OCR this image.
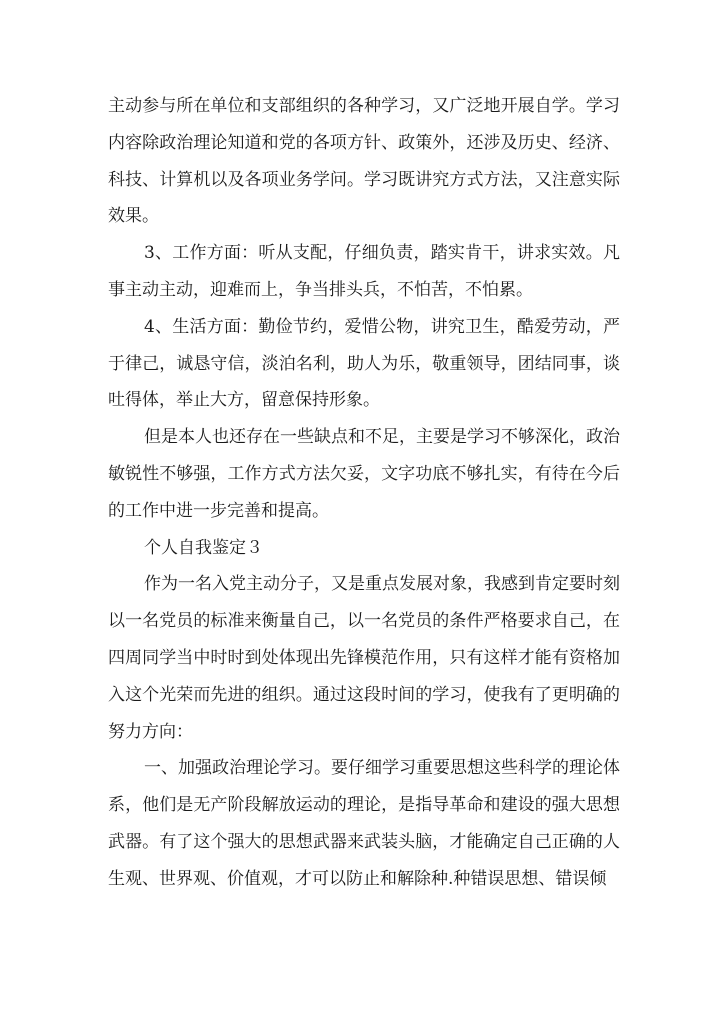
主动参与所在单位和支部组织的各种学习，又广泛地开展自学。学习内容除政治理论知道和党的各项方针、政策外，还涉及历史、经济、科技、计算机以及各项业务学问。学习既讲究方式方法，又注意实际效果。

3、工作方面：听从支配，仔细负责，踏实肯干，讲求实效。凡事主动主动，迎难而上，争当排头兵，不怕苦，不怕累。

4、生活方面：勤俭节约，爱惜公物，讲究卫生，酷爱劳动，严于律己，诚恳守信，淡泊名利，助人为乐，敬重领导，团结同事，谈吐得体，举止大方，留意保持形象。

但是本人也还存在一些缺点和不足，主要是学习不够深化，政治敏锐性不够强，工作方式方法欠妥，文字功底不够扎实，有待在今后的工作中进一步完善和提高。

个人自我鉴定３

作为一名入党主动分子，又是重点发展对象，我感到肯定要时刻以一名党员的标准来衡量自己，以一名党员的条件严格要求自己，在四周同学当中时时到处体现出先锋模范作用，只有这样才能有资格加入这个光荣而先进的组织。通过这段时间的学习，使我有了更明确的努力方向：

一、加强政治理论学习。要仔细学习重要思想这些科学的理论体系，他们是无产阶段解放运动的理论，是指导革命和建设的强大思想武器。有了这个强大的思想武器来武装头脑，才能确定自己正确的人生观、世界观、价值观，才可以防止和解除种.种错误思想、错误倾
